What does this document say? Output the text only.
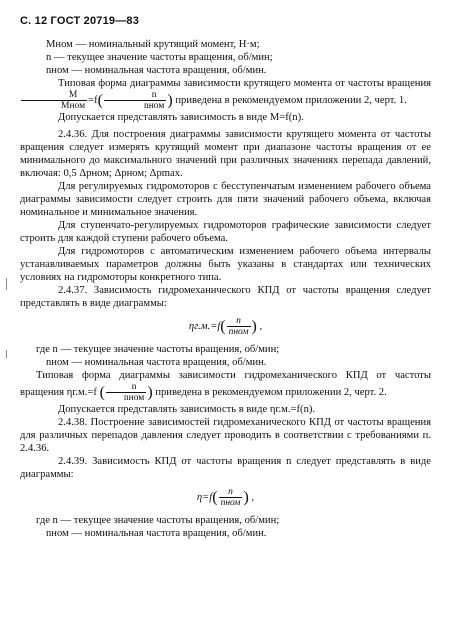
С. 12 ГОСТ 20719—83

Mном — номинальный крутящий момент, Н·м;

n — текущее значение частоты вращения, об/мин;

nном — номинальная частота вращения, об/мин.

Типовая форма диаграммы зависимости крутящего момента от частоты вращения
$\frac{M}{\text{Mном}} =f( \frac{n}{\text{nном}}$ ) приведена в рекомендуемом приложении 2, черт. 1.

Допускается представлять зависимость в виде M=f(n).

2.4.36. Для построения диаграммы зависимости крутящего момента от частоты вращения следует измерять крутящий момент при диапазоне частоты вращения от ее минимального до максимального значений при различных значениях перепада давлений, включая: 0,5 Δpном; Δpном; Δpmax.

Для регулируемых гидромоторов с бесступенчатым изменением рабочего объема диаграммы зависимости следует строить для пяти значений рабочего объема, включая номинальное и минимальное значения.

Для ступенчато-регулируемых гидромоторов графические зависимости следует строить для каждой ступени рабочего объема.

Для гидромоторов с автоматическим изменением рабочего объема интервалы устанавливаемых параметров должны быть указаны в стандартах или технических условиях на гидромоторы конкретного типа.

2.4.37. Зависимость гидромеханического КПД от частоты вращения следует представлять в виде диаграммы:

$\eta г.м.=f( \frac{n}{\text{nном}}$ ) ,

где n — текущее значение частоты вращения, об/мин;

nном — номинальная частота вращения, об/мин.

Типовая форма диаграммы зависимости гидромеханического КПД от частоты вращения ηг.м.=f ( $\frac{n}{\text{nном}}$ ) приведена в рекомендуемом приложении 2, черт. 2.

Допускается представлять зависимость в виде ηг.м.=f(n).

2.4.38. Построение зависимостей гидромеханического КПД от частоты вращения для различных перепадов давления следует проводить в соответствии с требованиями п. 2.4.36.

2.4.39. Зависимость КПД от частоты вращения n следует представлять в виде диаграммы:

$\eta=f( \frac{n}{\text{nном}}$ ) ,

где n — текущее значение частоты вращения, об/мин;

nном — номинальная частота вращения, об/мин.
